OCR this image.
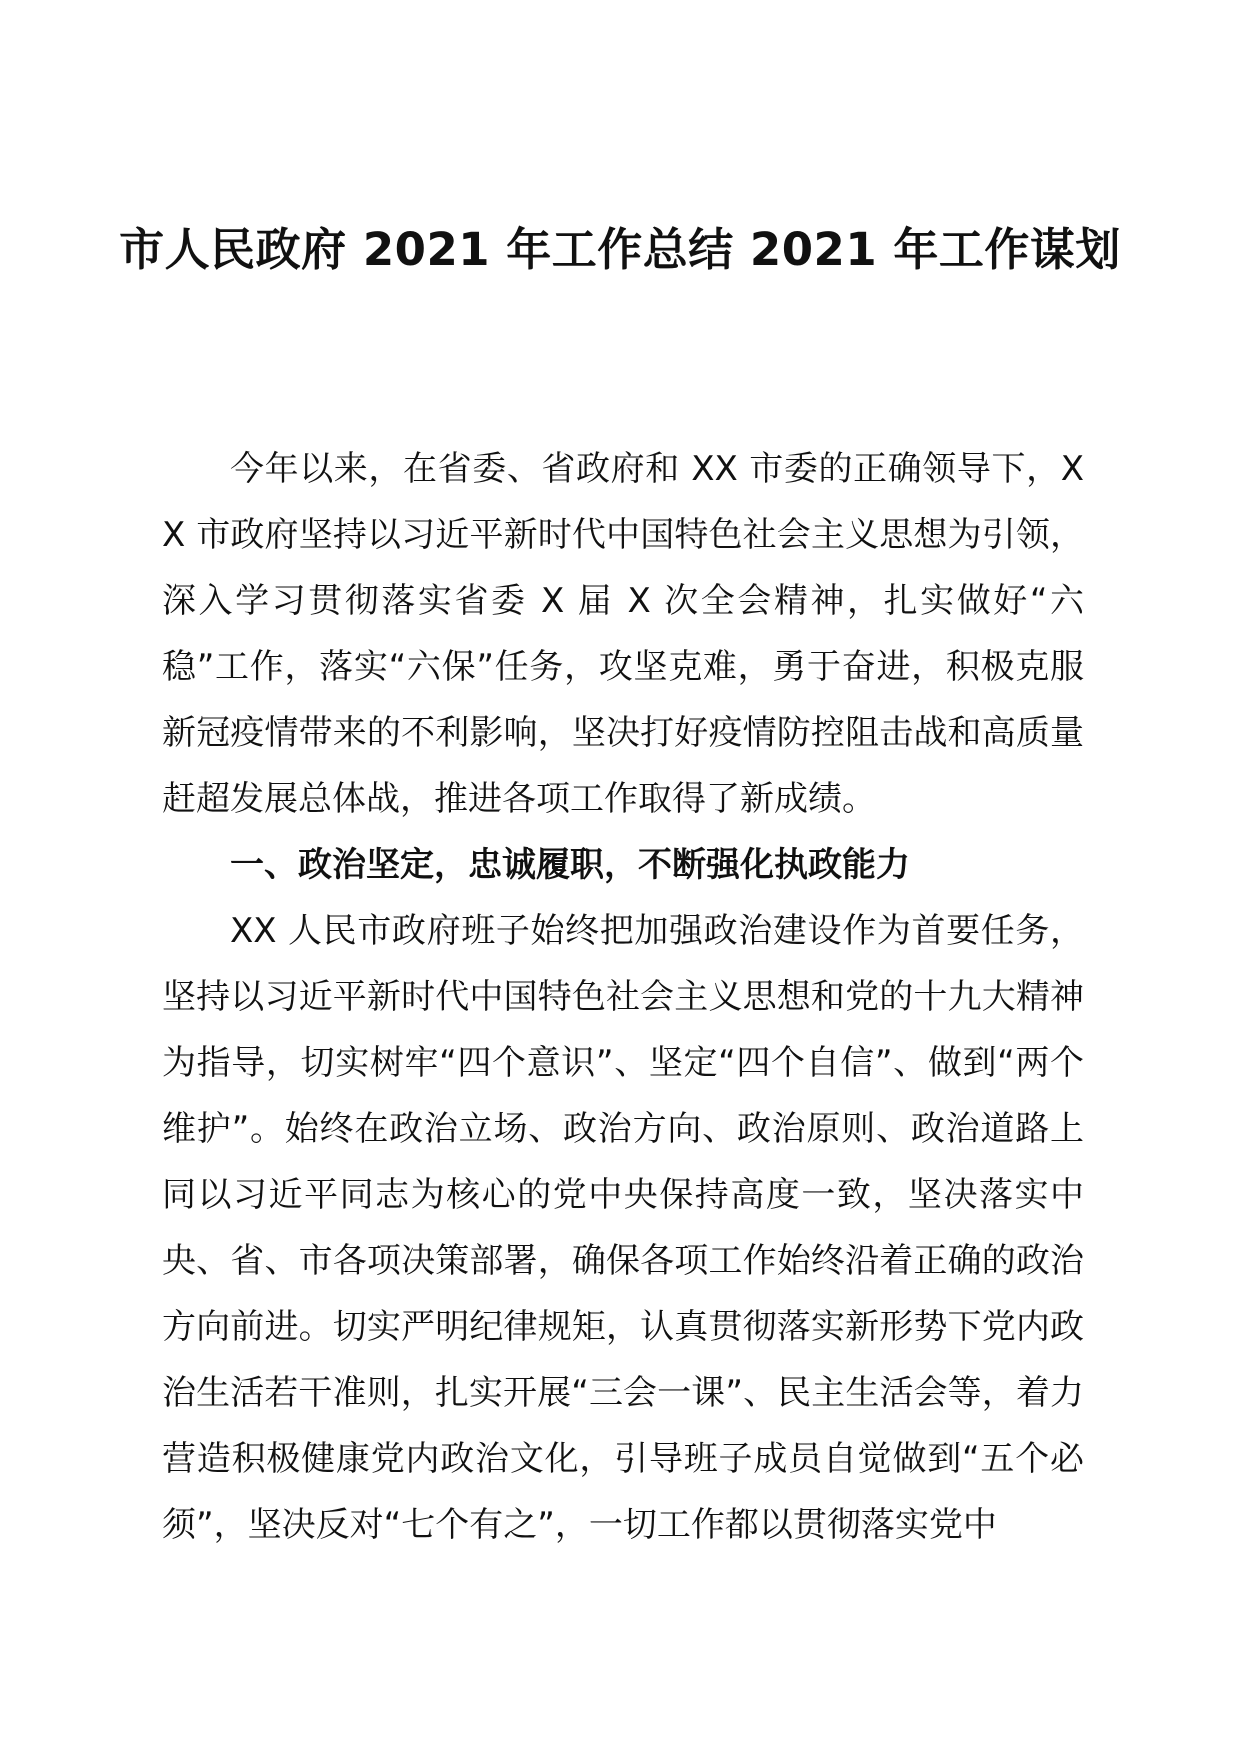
市人民政府 2021 年工作总结 2021 年工作谋划

今年以来，在省委、省政府和 XX 市委的正确领导下，XX 市政府坚持以习近平新时代中国特色社会主义思想为引领，深入学习贯彻落实省委 X 届 X 次全会精神，扎实做好“六稳”工作，落实“六保”任务，攻坚克难，勇于奋进，积极克服新冠疫情带来的不利影响，坚决打好疫情防控阻击战和高质量赶超发展总体战，推进各项工作取得了新成绩。

一、政治坚定，忠诚履职，不断强化执政能力

XX 人民市政府班子始终把加强政治建设作为首要任务，坚持以习近平新时代中国特色社会主义思想和党的十九大精神为指导，切实树牢“四个意识”、坚定“四个自信”、做到“两个维护”。始终在政治立场、政治方向、政治原则、政治道路上同以习近平同志为核心的党中央保持高度一致，坚决落实中央、省、市各项决策部署，确保各项工作始终沿着正确的政治方向前进。切实严明纪律规矩，认真贯彻落实新形势下党内政治生活若干准则，扎实开展“三会一课”、民主生活会等，着力营造积极健康党内政治文化，引导班子成员自觉做到“五个必须”，坚决反对“七个有之”，一切工作都以贯彻落实党中
